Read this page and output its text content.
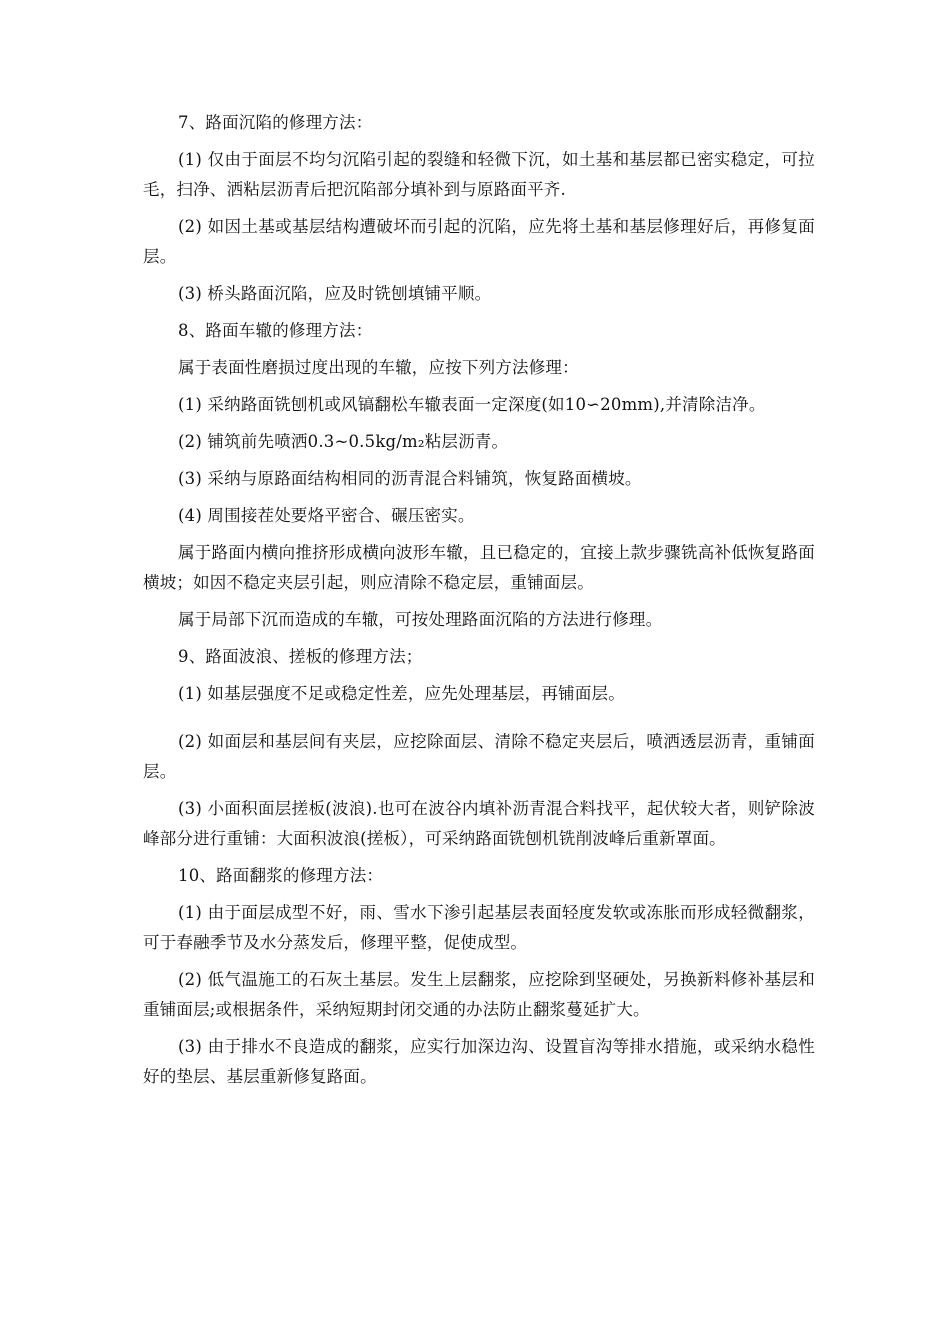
7、路面沉陷的修理方法：

(1) 仅由于面层不均匀沉陷引起的裂缝和轻微下沉，如土基和基层都已密实稳定，可拉毛，扫净、洒粘层沥青后把沉陷部分填补到与原路面平齐.

(2) 如因土基或基层结构遭破坏而引起的沉陷，应先将土基和基层修理好后，再修复面层。

(3) 桥头路面沉陷，应及时铣刨填铺平顺。

8、路面车辙的修理方法：

属于表面性磨损过度出现的车辙，应按下列方法修理：

(1) 采纳路面铣刨机或风镐翻松车辙表面一定深度(如10∽20mm),并清除洁净。

(2) 铺筑前先喷洒0.3~0.5kg/m₂粘层沥青。

(3) 采纳与原路面结构相同的沥青混合料铺筑，恢复路面横坡。

(4) 周围接茬处要烙平密合、碾压密实。

属于路面内横向推挤形成横向波形车辙，且已稳定的，宜接上款步骤铣高补低恢复路面横坡；如因不稳定夹层引起，则应清除不稳定层，重铺面层。

属于局部下沉而造成的车辙，可按处理路面沉陷的方法进行修理。

9、路面波浪、搓板的修理方法；

(1) 如基层强度不足或稳定性差，应先处理基层，再铺面层。

(2) 如面层和基层间有夹层，应挖除面层、清除不稳定夹层后，喷洒透层沥青，重铺面层。

(3) 小面积面层搓板(波浪).也可在波谷内填补沥青混合料找平，起伏较大者，则铲除波峰部分进行重铺：大面积波浪(搓板），可采纳路面铣刨机铣削波峰后重新罩面。

10、路面翻浆的修理方法：

(1) 由于面层成型不好，雨、雪水下渗引起基层表面轻度发软或冻胀而形成轻微翻浆，可于春融季节及水分蒸发后，修理平整，促使成型。

(2) 低气温施工的石灰土基层。发生上层翻浆，应挖除到坚硬处，另换新料修补基层和重铺面层;或根据条件，采纳短期封闭交通的办法防止翻浆蔓延扩大。

(3) 由于排水不良造成的翻浆，应实行加深边沟、设置盲沟等排水措施，或采纳水稳性好的垫层、基层重新修复路面。
